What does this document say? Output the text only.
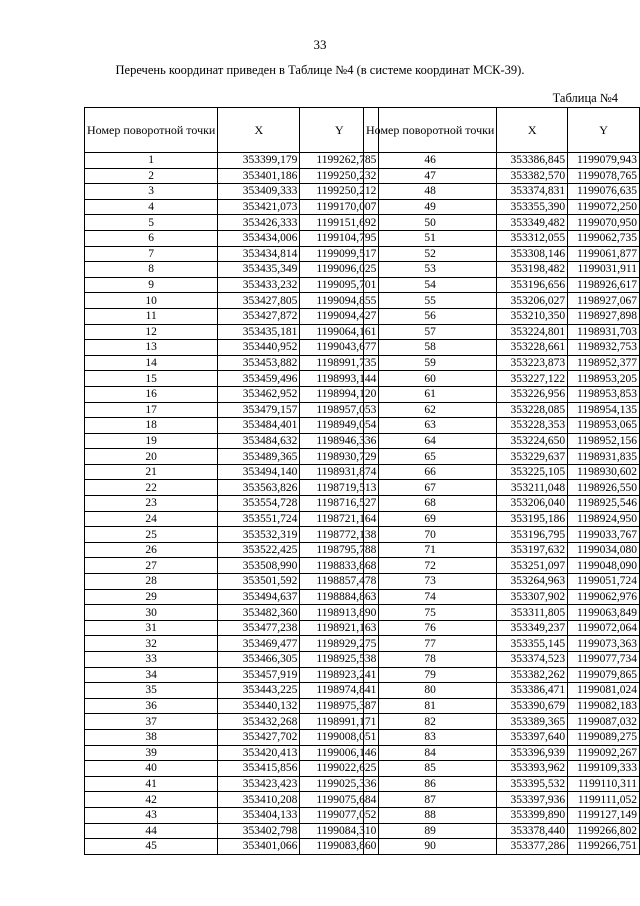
33
Перечень координат приведен в Таблице №4 (в системе координат МСК-39).
Таблица №4
Номер поворотной точки	X	Y
1	353399,179	1199262,785
2	353401,186	1199250,232
3	353409,333	1199250,212
4	353421,073	1199170,007
5	353426,333	1199151,692
6	353434,006	1199104,795
7	353434,814	1199099,517
8	353435,349	1199096,025
9	353433,232	1199095,701
10	353427,805	1199094,855
11	353427,872	1199094,427
12	353435,181	1199064,161
13	353440,952	1199043,677
14	353453,882	1198991,735
15	353459,496	1198993,144
16	353462,952	1198994,120
17	353479,157	1198957,053
18	353484,401	1198949,054
19	353484,632	1198946,336
20	353489,365	1198930,729
21	353494,140	1198931,874
22	353563,826	1198719,513
23	353554,728	1198716,527
24	353551,724	1198721,164
25	353532,319	1198772,138
26	353522,425	1198795,788
27	353508,990	1198833,868
28	353501,592	1198857,478
29	353494,637	1198884,863
30	353482,360	1198913,890
31	353477,238	1198921,163
32	353469,477	1198929,275
33	353466,305	1198925,538
34	353457,919	1198923,241
35	353443,225	1198974,841
36	353440,132	1198975,387
37	353432,268	1198991,171
38	353427,702	1199008,051
39	353420,413	1199006,146
40	353415,856	1199022,625
41	353423,423	1199025,336
42	353410,208	1199075,684
43	353404,133	1199077,052
44	353402,798	1199084,310
45	353401,066	1199083,860
Номер поворотной точки	X	Y
46	353386,845	1199079,943
47	353382,570	1199078,765
48	353374,831	1199076,635
49	353355,390	1199072,250
50	353349,482	1199070,950
51	353312,055	1199062,735
52	353308,146	1199061,877
53	353198,482	1199031,911
54	353196,656	1198926,617
55	353206,027	1198927,067
56	353210,350	1198927,898
57	353224,801	1198931,703
58	353228,661	1198932,753
59	353223,873	1198952,377
60	353227,122	1198953,205
61	353226,956	1198953,853
62	353228,085	1198954,135
63	353228,353	1198953,065
64	353224,650	1198952,156
65	353229,637	1198931,835
66	353225,105	1198930,602
67	353211,048	1198926,550
68	353206,040	1198925,546
69	353195,186	1198924,950
70	353196,795	1199033,767
71	353197,632	1199034,080
72	353251,097	1199048,090
73	353264,963	1199051,724
74	353307,902	1199062,976
75	353311,805	1199063,849
76	353349,237	1199072,064
77	353355,145	1199073,363
78	353374,523	1199077,734
79	353382,262	1199079,865
80	353386,471	1199081,024
81	353390,679	1199082,183
82	353389,365	1199087,032
83	353397,640	1199089,275
84	353396,939	1199092,267
85	353393,962	1199109,333
86	353395,532	1199110,311
87	353397,936	1199111,052
88	353399,890	1199127,149
89	353378,440	1199266,802
90	353377,286	1199266,751
